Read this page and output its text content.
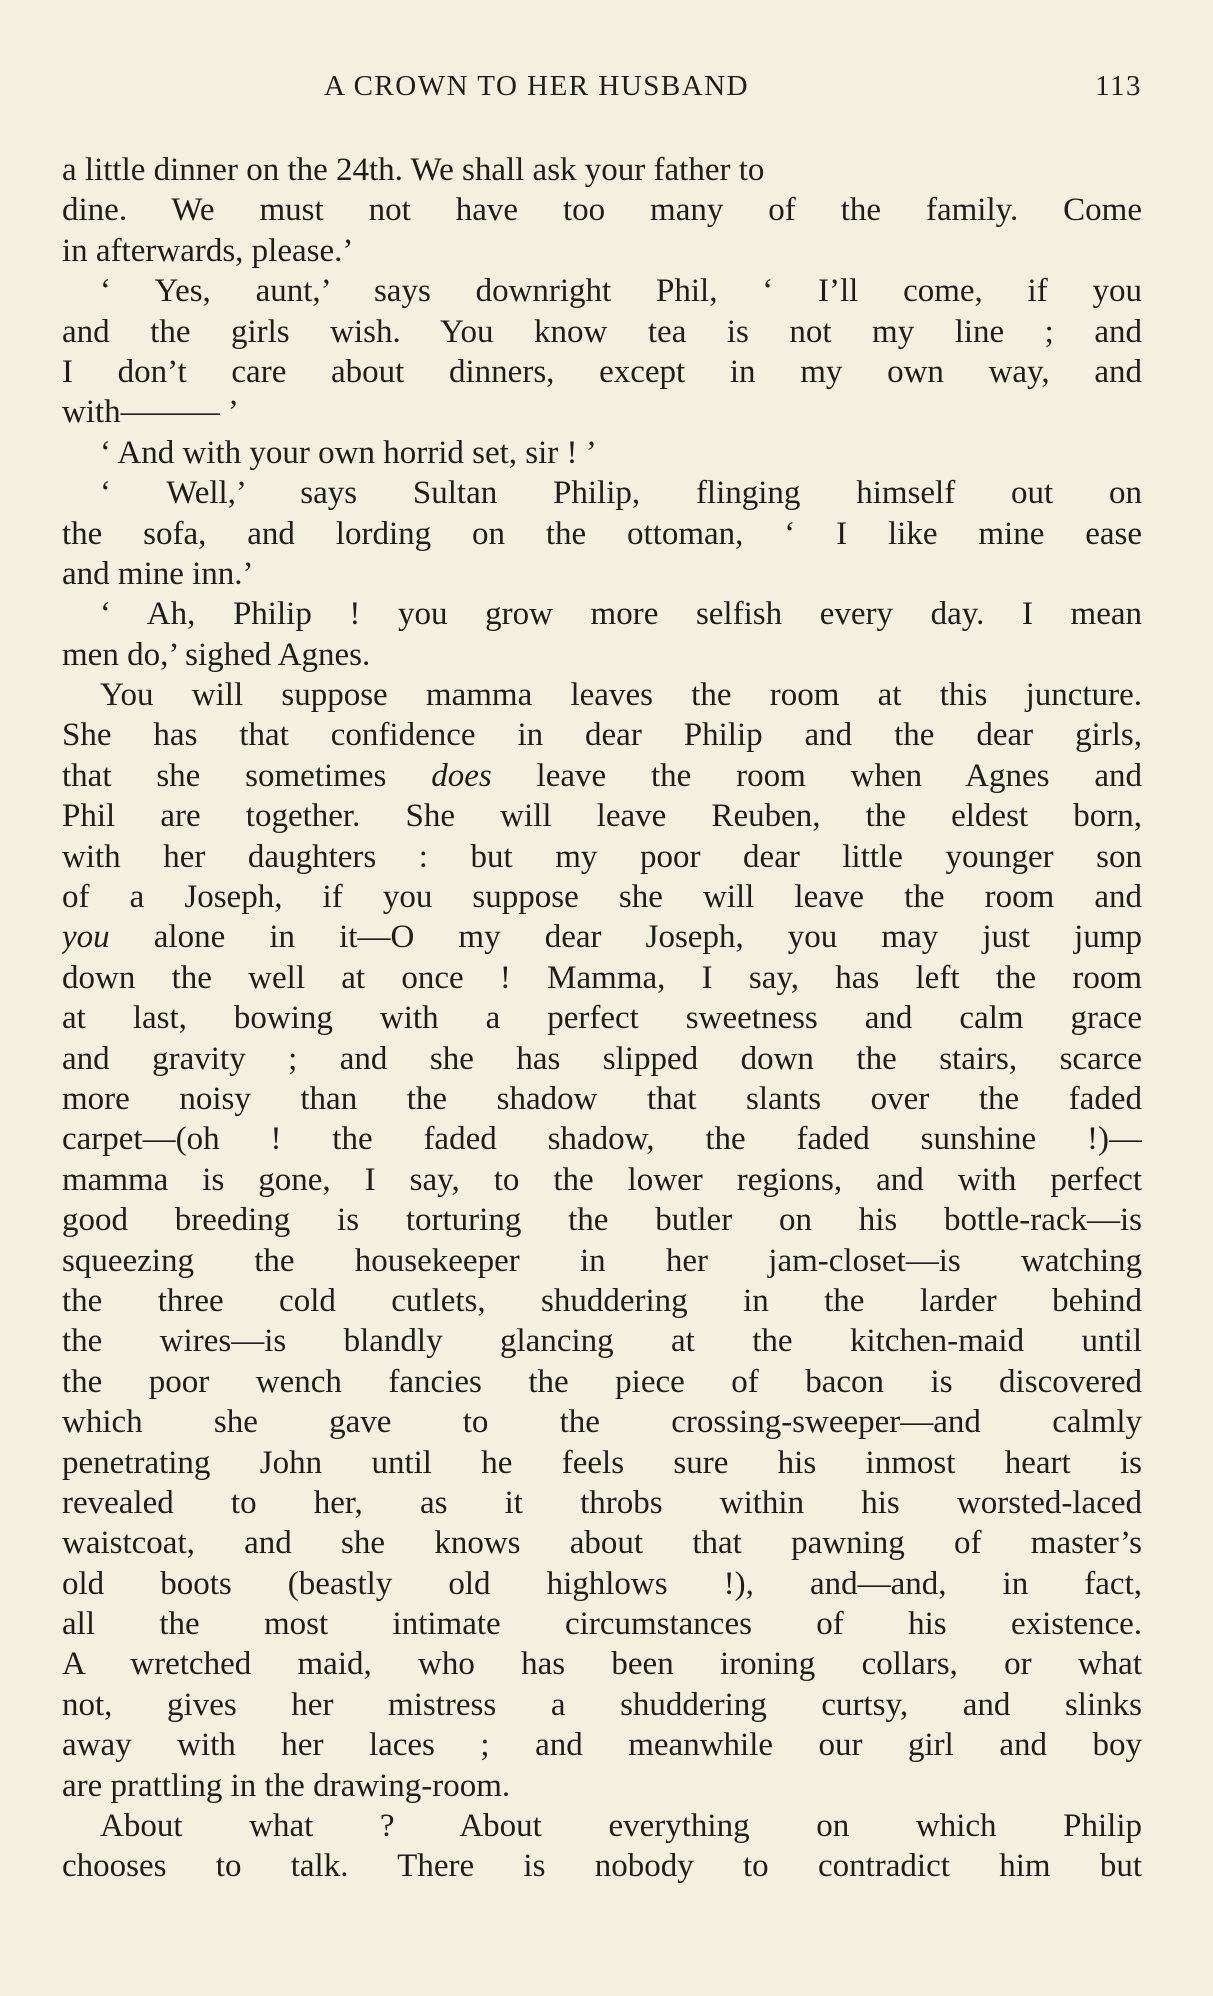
A CROWN TO HER HUSBAND	113
a little dinner on the 24th. We shall ask your father to
dine. We must not have too many of the family. Come
in afterwards, please.’
‘ Yes, aunt,’ says downright Phil, ‘ I’ll come, if you
and the girls wish. You know tea is not my line ; and
I don’t care about dinners, except in my own way, and
with——— ’
‘ And with your own horrid set, sir ! ’
‘ Well,’ says Sultan Philip, flinging himself out on
the sofa, and lording on the ottoman, ‘ I like mine ease
and mine inn.’
‘ Ah, Philip ! you grow more selfish every day. I mean
men do,’ sighed Agnes.
You will suppose mamma leaves the room at this juncture.
She has that confidence in dear Philip and the dear girls,
that she sometimes does leave the room when Agnes and
Phil are together. She will leave Reuben, the eldest born,
with her daughters : but my poor dear little younger son
of a Joseph, if you suppose she will leave the room and
you alone in it—O my dear Joseph, you may just jump
down the well at once ! Mamma, I say, has left the room
at last, bowing with a perfect sweetness and calm grace
and gravity ; and she has slipped down the stairs, scarce
more noisy than the shadow that slants over the faded
carpet—(oh ! the faded shadow, the faded sunshine !)—
mamma is gone, I say, to the lower regions, and with perfect
good breeding is torturing the butler on his bottle-rack—is
squeezing the housekeeper in her jam-closet—is watching
the three cold cutlets, shuddering in the larder behind
the wires—is blandly glancing at the kitchen-maid until
the poor wench fancies the piece of bacon is discovered
which she gave to the crossing-sweeper—and calmly
penetrating John until he feels sure his inmost heart is
revealed to her, as it throbs within his worsted-laced
waistcoat, and she knows about that pawning of master’s
old boots (beastly old highlows !), and—and, in fact,
all the most intimate circumstances of his existence.
A wretched maid, who has been ironing collars, or what
not, gives her mistress a shuddering curtsy, and slinks
away with her laces ; and meanwhile our girl and boy
are prattling in the drawing-room.
About what ? About everything on which Philip
chooses to talk. There is nobody to contradict him but
